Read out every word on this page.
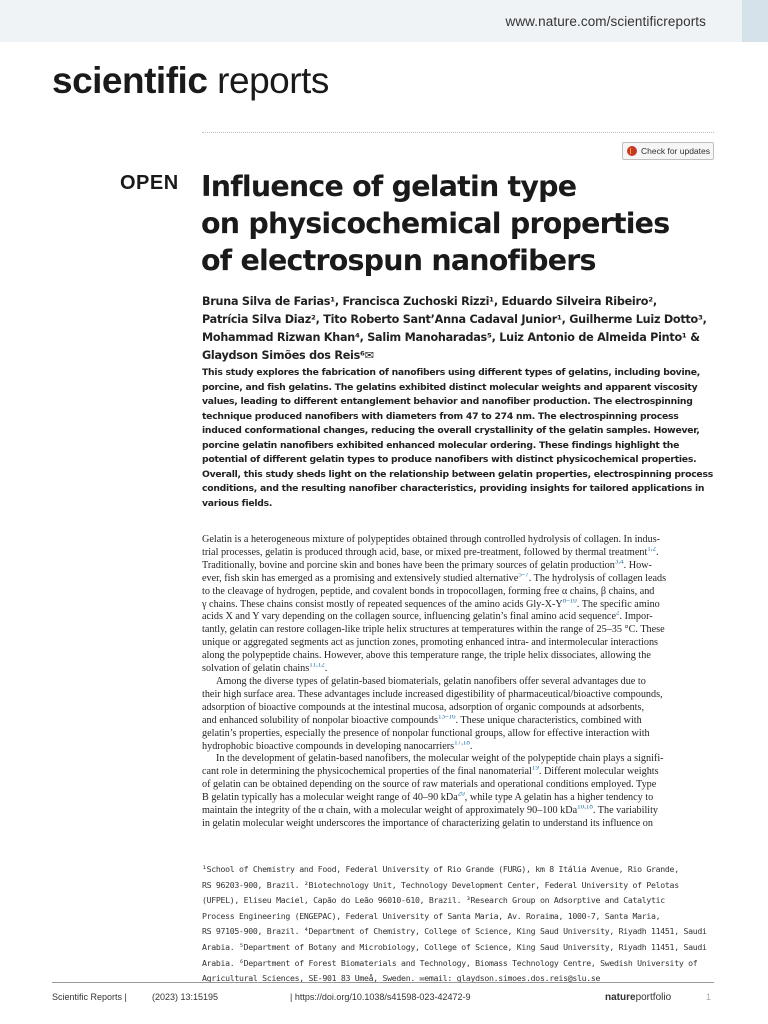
www.nature.com/scientificreports
scientific reports
Check for updates
OPEN Influence of gelatin type
on physicochemical properties
of electrospun nanofibers
Bruna Silva de Farias¹, Francisca Zuchoski Rizzi¹, Eduardo Silveira Ribeiro²,
Patrícia Silva Diaz², Tito Roberto Sant’Anna Cadaval Junior¹, Guilherme Luiz Dotto³,
Mohammad Rizwan Khan⁴, Salim Manoharadas⁵, Luiz Antonio de Almeida Pinto¹ &
Glaydson Simões dos Reis⁶✉
This study explores the fabrication of nanofibers using different types of gelatins, including bovine,
porcine, and fish gelatins. The gelatins exhibited distinct molecular weights and apparent viscosity
values, leading to different entanglement behavior and nanofiber production. The electrospinning
technique produced nanofibers with diameters from 47 to 274 nm. The electrospinning process
induced conformational changes, reducing the overall crystallinity of the gelatin samples. However,
porcine gelatin nanofibers exhibited enhanced molecular ordering. These findings highlight the
potential of different gelatin types to produce nanofibers with distinct physicochemical properties.
Overall, this study sheds light on the relationship between gelatin properties, electrospinning process
conditions, and the resulting nanofiber characteristics, providing insights for tailored applications in
various fields.
Gelatin is a heterogeneous mixture of polypeptides obtained through controlled hydrolysis of collagen. In indus-
trial processes, gelatin is produced through acid, base, or mixed pre-treatment, followed by thermal treatment$^{1,2}$.
Traditionally, bovine and porcine skin and bones have been the primary sources of gelatin production$^{3,4}$. How-
ever, fish skin has emerged as a promising and extensively studied alternative$^{5-7}$. The hydrolysis of collagen leads
to the cleavage of hydrogen, peptide, and covalent bonds in tropocollagen, forming free α chains, β chains, and
γ chains. These chains consist mostly of repeated sequences of the amino acids Gly-X-Y$^{8-10}$. The specific amino
acids X and Y vary depending on the collagen source, influencing gelatin’s final amino acid sequence$^2$. Impor-
tantly, gelatin can restore collagen-like triple helix structures at temperatures within the range of 25–35 °C. These
unique or aggregated segments act as junction zones, promoting enhanced intra- and intermolecular interactions
along the polypeptide chains. However, above this temperature range, the triple helix dissociates, allowing the
solvation of gelatin chains$^{11,12}$.
Among the diverse types of gelatin-based biomaterials, gelatin nanofibers offer several advantages due to
their high surface area. These advantages include increased digestibility of pharmaceutical/bioactive compounds,
adsorption of bioactive compounds at the intestinal mucosa, adsorption of organic compounds at adsorbents,
and enhanced solubility of nonpolar bioactive compounds$^{13-16}$. These unique characteristics, combined with
gelatin’s properties, especially the presence of nonpolar functional groups, allow for effective interaction with
hydrophobic bioactive compounds in developing nanocarriers$^{17,18}$.
In the development of gelatin-based nanofibers, the molecular weight of the polypeptide chain plays a signifi-
cant role in determining the physicochemical properties of the final nanomaterial$^{19}$. Different molecular weights
of gelatin can be obtained depending on the source of raw materials and operational conditions employed. Type
B gelatin typically has a molecular weight range of 40–90 kDa$^{20}$, while type A gelatin has a higher tendency to
maintain the integrity of the α chain, with a molecular weight of approximately 90–100 kDa$^{10,18}$. The variability
in gelatin molecular weight underscores the importance of characterizing gelatin to understand its influence on
¹School of Chemistry and Food, Federal University of Rio Grande (FURG), km 8 Itália Avenue, Rio Grande,
RS 96203-900, Brazil. ²Biotechnology Unit, Technology Development Center, Federal University of Pelotas
(UFPEL), Eliseu Maciel, Capão do Leão 96010-610, Brazil. ³Research Group on Adsorptive and Catalytic
Process Engineering (ENGEPAC), Federal University of Santa Maria, Av. Roraima, 1000-7, Santa Maria,
RS 97105-900, Brazil. ⁴Department of Chemistry, College of Science, King Saud University, Riyadh 11451, Saudi
Arabia. ⁵Department of Botany and Microbiology, College of Science, King Saud University, Riyadh 11451, Saudi
Arabia. ⁶Department of Forest Biomaterials and Technology, Biomass Technology Centre, Swedish University of
Agricultural Sciences, SE-901 83 Umeå, Sweden. ✉email: glaydson.simoes.dos.reis@slu.se
Scientific Reports |	(2023) 13:15195	| https://doi.org/10.1038/s41598-023-42472-9	natureportfolio	1
